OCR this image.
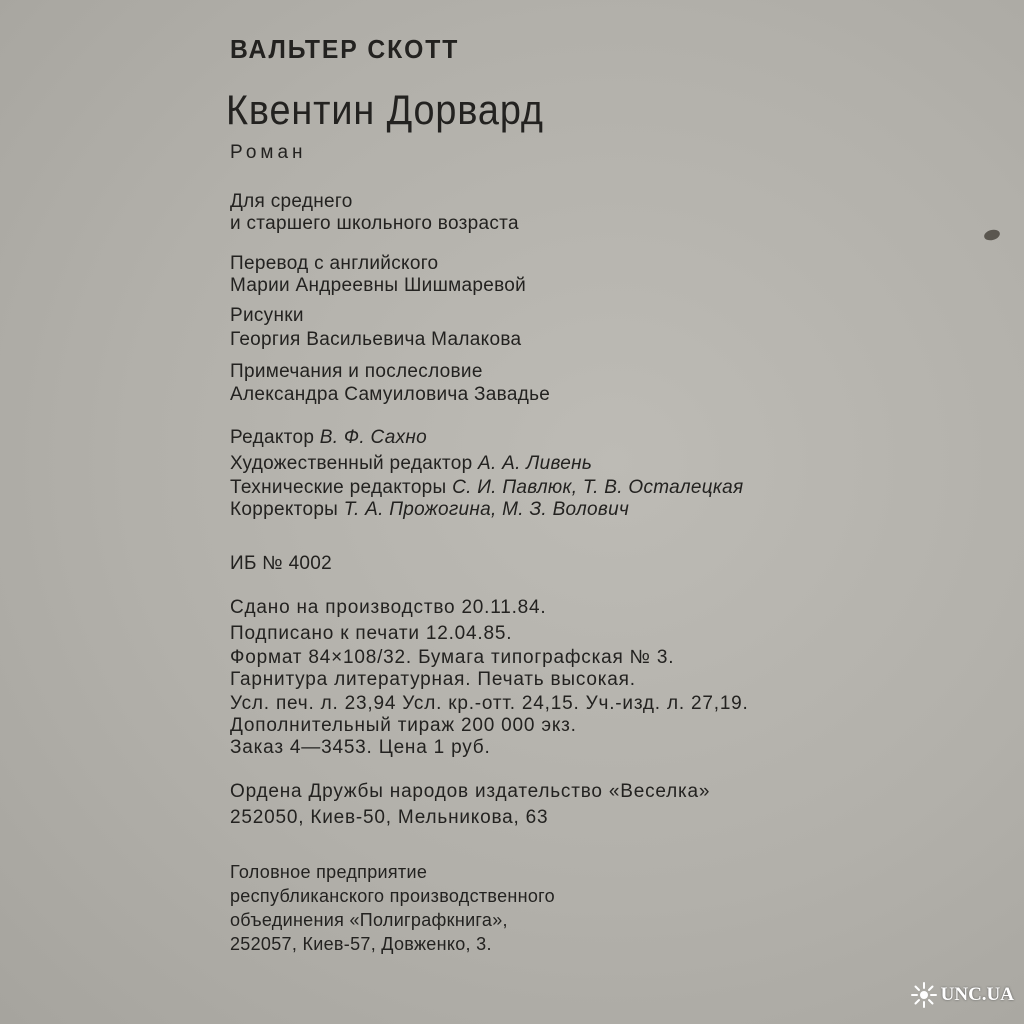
ВАЛЬТЕР СКОТТ
Квентин Дорвард
Роман
Для среднего
и старшего школьного возраста
Перевод с английского
Марии Андреевны Шишмаревой
Рисунки
Георгия Васильевича Малакова
Примечания и послесловие
Александра Самуиловича Завадье
Редактор В. Ф. Сахно
Художественный редактор А. А. Ливень
Технические редакторы С. И. Павлюк, Т. В. Осталецкая
Корректоры Т. А. Прожогина, М. З. Волович
ИБ № 4002
Сдано на производство 20.11.84.
Подписано к печати 12.04.85.
Формат 84×108/32. Бумага типографская № 3.
Гарнитура литературная. Печать высокая.
Усл. печ. л. 23,94 Усл. кр.-отт. 24,15. Уч.-изд. л. 27,19.
Дополнительный тираж 200 000 экз.
Заказ 4—3453. Цена 1 руб.
Ордена Дружбы народов издательство «Веселка»
252050, Киев-50, Мельникова, 63
Головное предприятие
республиканского производственного
объединения «Полиграфкнига»,
252057, Киев-57, Довженко, 3.
UNC.UA
